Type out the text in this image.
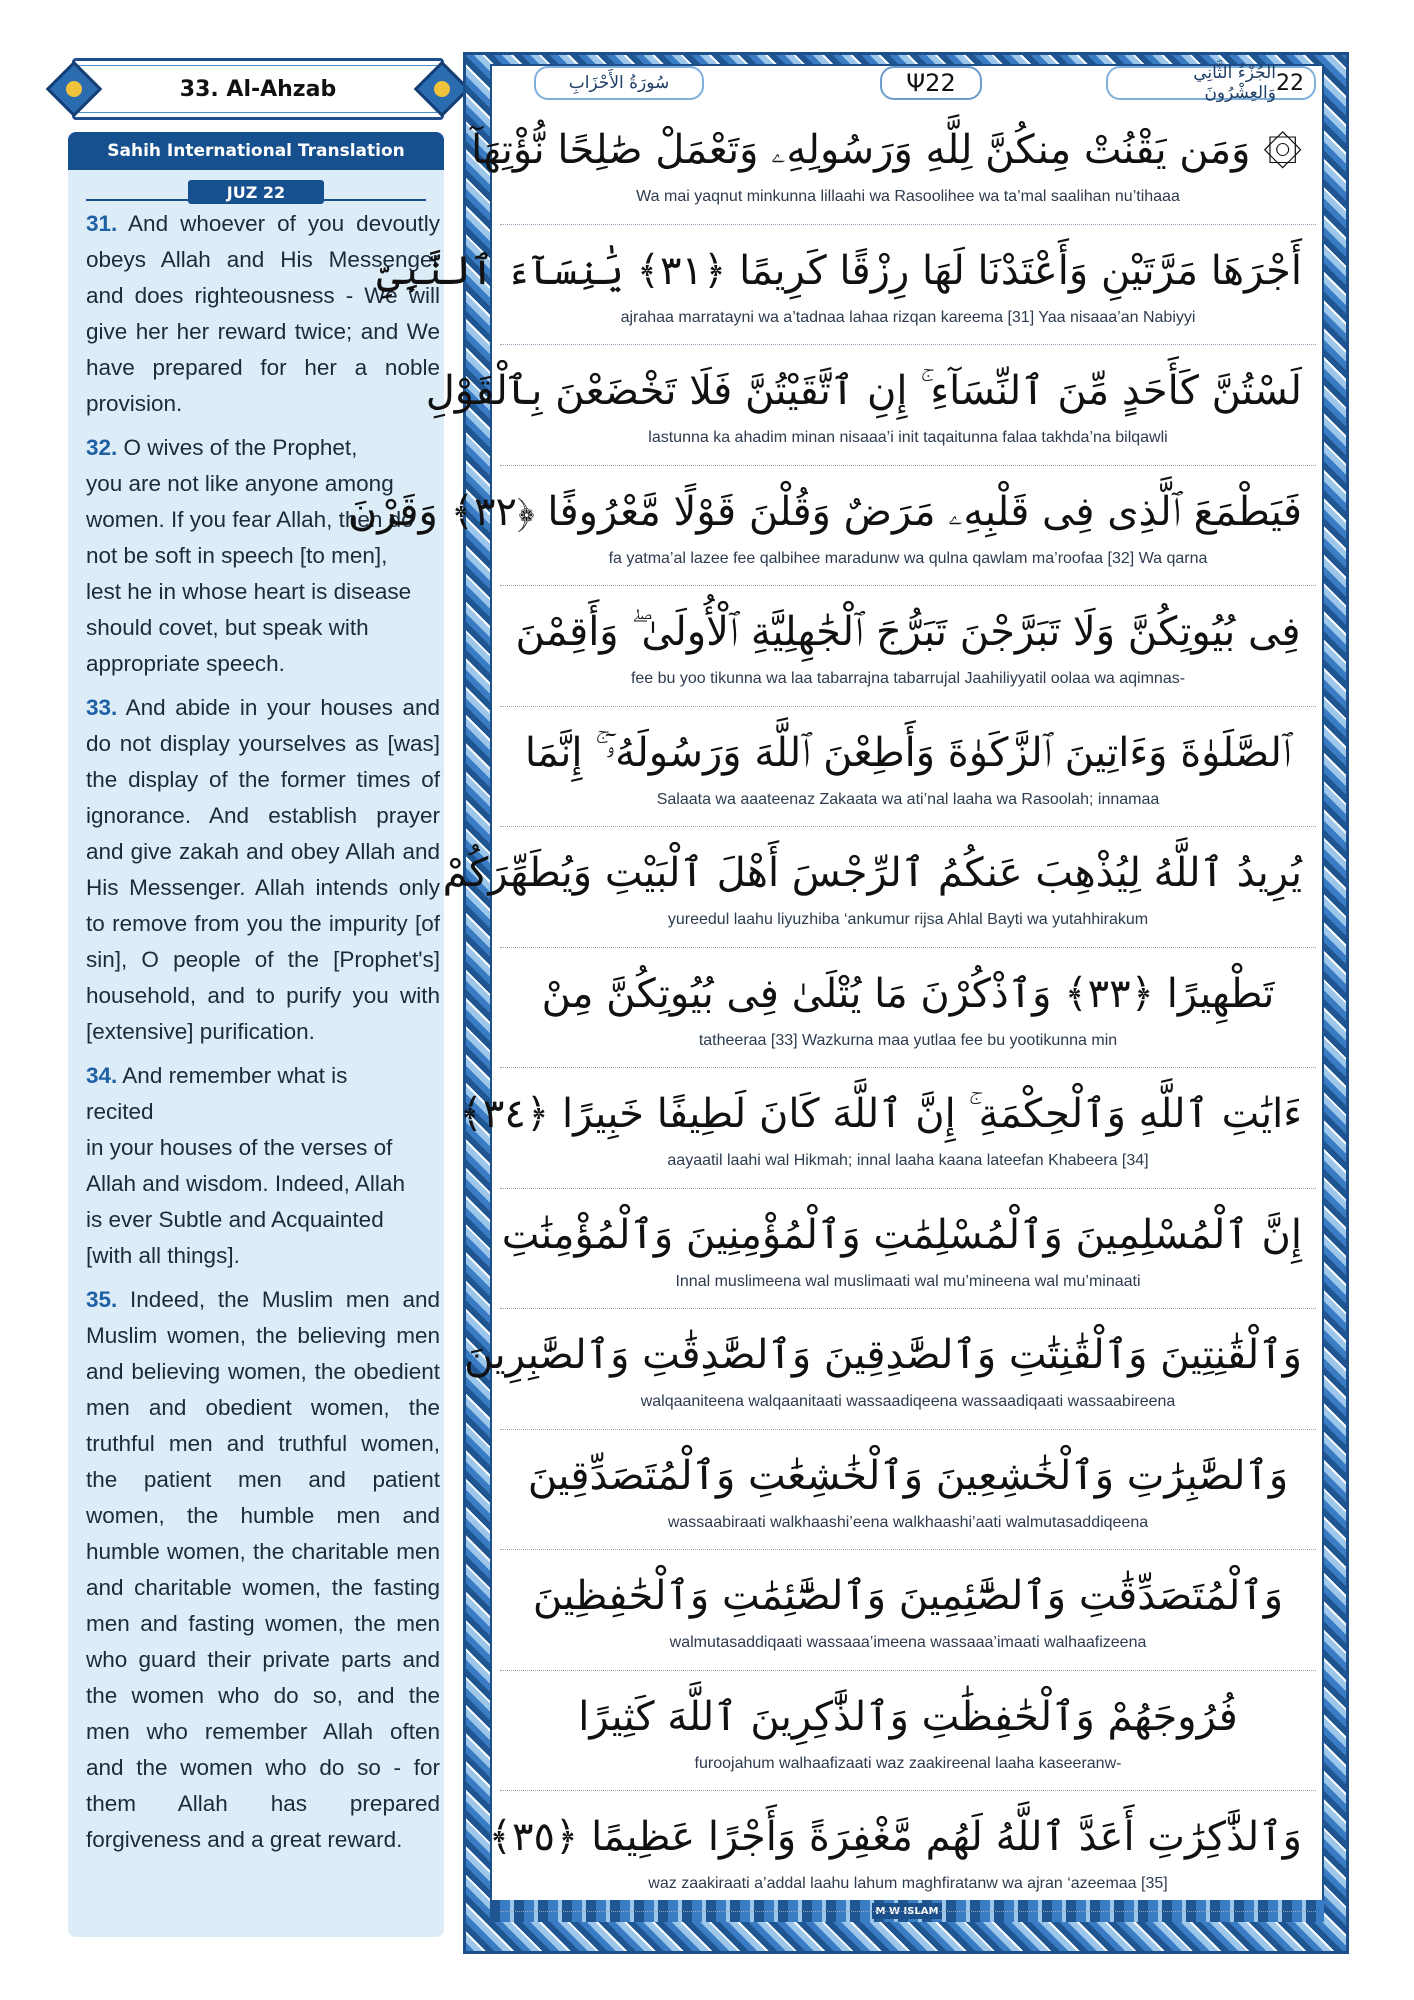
33. Al-Ahzab
Sahih International Translation
JUZ 22
31. And whoever of you devoutly obeys Allah and His Messenger and does righteousness - We will give her her reward twice; and We have prepared for her a noble provision.
32. O wives of the Prophet,
you are not like anyone among
women. If you fear Allah, then do
not be soft in speech [to men],
lest he in whose heart is disease
should covet, but speak with
appropriate speech.
33. And abide in your houses and do not display yourselves as [was] the display of the former times of ignorance. And establish prayer and give zakah and obey Allah and His Messenger. Allah intends only to remove from you the impurity [of sin], O people of the [Prophet's] household, and to purify you with [extensive] purification.
34. And remember what is
recited
in your houses of the verses of
Allah and wisdom. Indeed, Allah
is ever Subtle and Acquainted
[with all things].
35. Indeed, the Muslim men and Muslim women, the believing men and believing women, the obedient men and obedient women, the truthful men and truthful women, the patient men and patient women, the humble men and humble women, the charitable men and charitable women, the fasting men and fasting women, the men who guard their private parts and the women who do so, and the men who remember Allah often and the women who do so - for them Allah has prepared forgiveness and a great reward.
M W ISLAM
سُورَةُ الأَحْزَابِ	Ψ22	الجُزْءُ الثَّانِي وَالعِشْرُونَ 22
۞ وَمَن يَقْنُتْ مِنكُنَّ لِلَّهِ وَرَسُولِهِۦ وَتَعْمَلْ صَٰلِحًا نُّؤْتِهَآ
Wa mai yaqnut minkunna lillaahi wa Rasoolihee wa ta’mal saalihan nu’tihaaa
أَجْرَهَا مَرَّتَيْنِ وَأَعْتَدْنَا لَهَا رِزْقًا كَرِيمًا ﴿٣١﴾ يَٰنِسَآءَ ٱلنَّبِىِّ
ajrahaa marratayni wa a’tadnaa lahaa rizqan kareema [31] Yaa nisaaa’an Nabiyyi
لَسْتُنَّ كَأَحَدٍ مِّنَ ٱلنِّسَآءِ ۚ إِنِ ٱتَّقَيْتُنَّ فَلَا تَخْضَعْنَ بِٱلْقَوْلِ
lastunna ka ahadim minan nisaaa’i init taqaitunna falaa takhda’na bilqawli
فَيَطْمَعَ ٱلَّذِى فِى قَلْبِهِۦ مَرَضٌ وَقُلْنَ قَوْلًا مَّعْرُوفًا ﴿٣٢﴾ وَقَرْنَ
fa yatma’al lazee fee qalbihee maradunw wa qulna qawlam ma’roofaa [32] Wa qarna
فِى بُيُوتِكُنَّ وَلَا تَبَرَّجْنَ تَبَرُّجَ ٱلْجَٰهِلِيَّةِ ٱلْأُولَىٰ ۖ وَأَقِمْنَ
fee bu yoo tikunna wa laa tabarrajna tabarrujal Jaahiliyyatil oolaa wa aqimnas-
ٱلصَّلَوٰةَ وَءَاتِينَ ٱلزَّكَوٰةَ وَأَطِعْنَ ٱللَّهَ وَرَسُولَهُۥٓ ۚ إِنَّمَا
Salaata wa aaateenaz Zakaata wa ati’nal laaha wa Rasoolah; innamaa
يُرِيدُ ٱللَّهُ لِيُذْهِبَ عَنكُمُ ٱلرِّجْسَ أَهْلَ ٱلْبَيْتِ وَيُطَهِّرَكُمْ
yureedul laahu liyuzhiba ‘ankumur rijsa Ahlal Bayti wa yutahhirakum
تَطْهِيرًا ﴿٣٣﴾ وَٱذْكُرْنَ مَا يُتْلَىٰ فِى بُيُوتِكُنَّ مِنْ
tatheeraa [33] Wazkurna maa yutlaa fee bu yootikunna min
ءَايَٰتِ ٱللَّهِ وَٱلْحِكْمَةِ ۚ إِنَّ ٱللَّهَ كَانَ لَطِيفًا خَبِيرًا ﴿٣٤﴾
aayaatil laahi wal Hikmah; innal laaha kaana lateefan Khabeera [34]
إِنَّ ٱلْمُسْلِمِينَ وَٱلْمُسْلِمَٰتِ وَٱلْمُؤْمِنِينَ وَٱلْمُؤْمِنَٰتِ
Innal muslimeena wal muslimaati wal mu’mineena wal mu’minaati
وَٱلْقَٰنِتِينَ وَٱلْقَٰنِتَٰتِ وَٱلصَّٰدِقِينَ وَٱلصَّٰدِقَٰتِ وَٱلصَّٰبِرِينَ
walqaaniteena walqaanitaati wassaadiqeena wassaadiqaati wassaabireena
وَٱلصَّٰبِرَٰتِ وَٱلْخَٰشِعِينَ وَٱلْخَٰشِعَٰتِ وَٱلْمُتَصَدِّقِينَ
wassaabiraati walkhaashi’eena walkhaashi’aati walmutasaddiqeena
وَٱلْمُتَصَدِّقَٰتِ وَٱلصَّٰٓئِمِينَ وَٱلصَّٰٓئِمَٰتِ وَٱلْحَٰفِظِينَ
walmutasaddiqaati wassaaa’imeena wassaaa’imaati walhaafizeena
فُرُوجَهُمْ وَٱلْحَٰفِظَٰتِ وَٱلذَّٰكِرِينَ ٱللَّهَ كَثِيرًا
furoojahum walhaafizaati waz zaakireenal laaha kaseeranw-
وَٱلذَّٰكِرَٰتِ أَعَدَّ ٱللَّهُ لَهُم مَّغْفِرَةً وَأَجْرًا عَظِيمًا ﴿٣٥﴾
waz zaakiraati a’addal laahu lahum maghfiratanw wa ajran ‘azeemaa [35]
